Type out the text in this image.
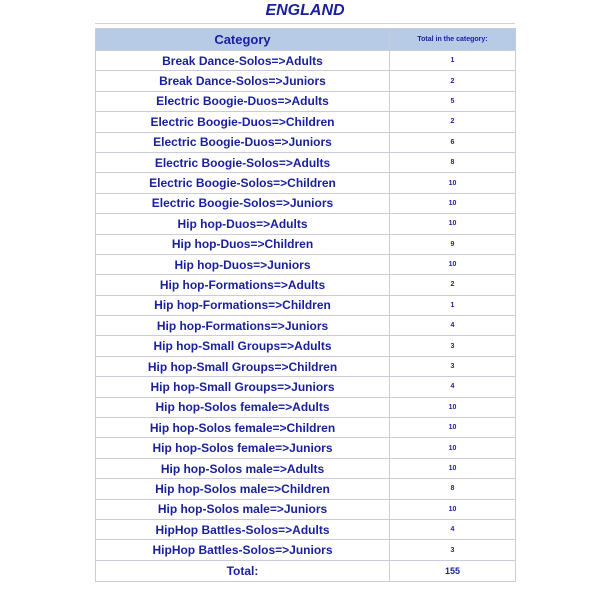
ENGLAND
Category	Total in the category:
Break Dance-Solos=>Adults	1
Break Dance-Solos=>Juniors	2
Electric Boogie-Duos=>Adults	5
Electric Boogie-Duos=>Children	2
Electric Boogie-Duos=>Juniors	6
Electric Boogie-Solos=>Adults	8
Electric Boogie-Solos=>Children	10
Electric Boogie-Solos=>Juniors	10
Hip hop-Duos=>Adults	10
Hip hop-Duos=>Children	9
Hip hop-Duos=>Juniors	10
Hip hop-Formations=>Adults	2
Hip hop-Formations=>Children	1
Hip hop-Formations=>Juniors	4
Hip hop-Small Groups=>Adults	3
Hip hop-Small Groups=>Children	3
Hip hop-Small Groups=>Juniors	4
Hip hop-Solos female=>Adults	10
Hip hop-Solos female=>Children	10
Hip hop-Solos female=>Juniors	10
Hip hop-Solos male=>Adults	10
Hip hop-Solos male=>Children	8
Hip hop-Solos male=>Juniors	10
HipHop Battles-Solos=>Adults	4
HipHop Battles-Solos=>Juniors	3
Total:	155
